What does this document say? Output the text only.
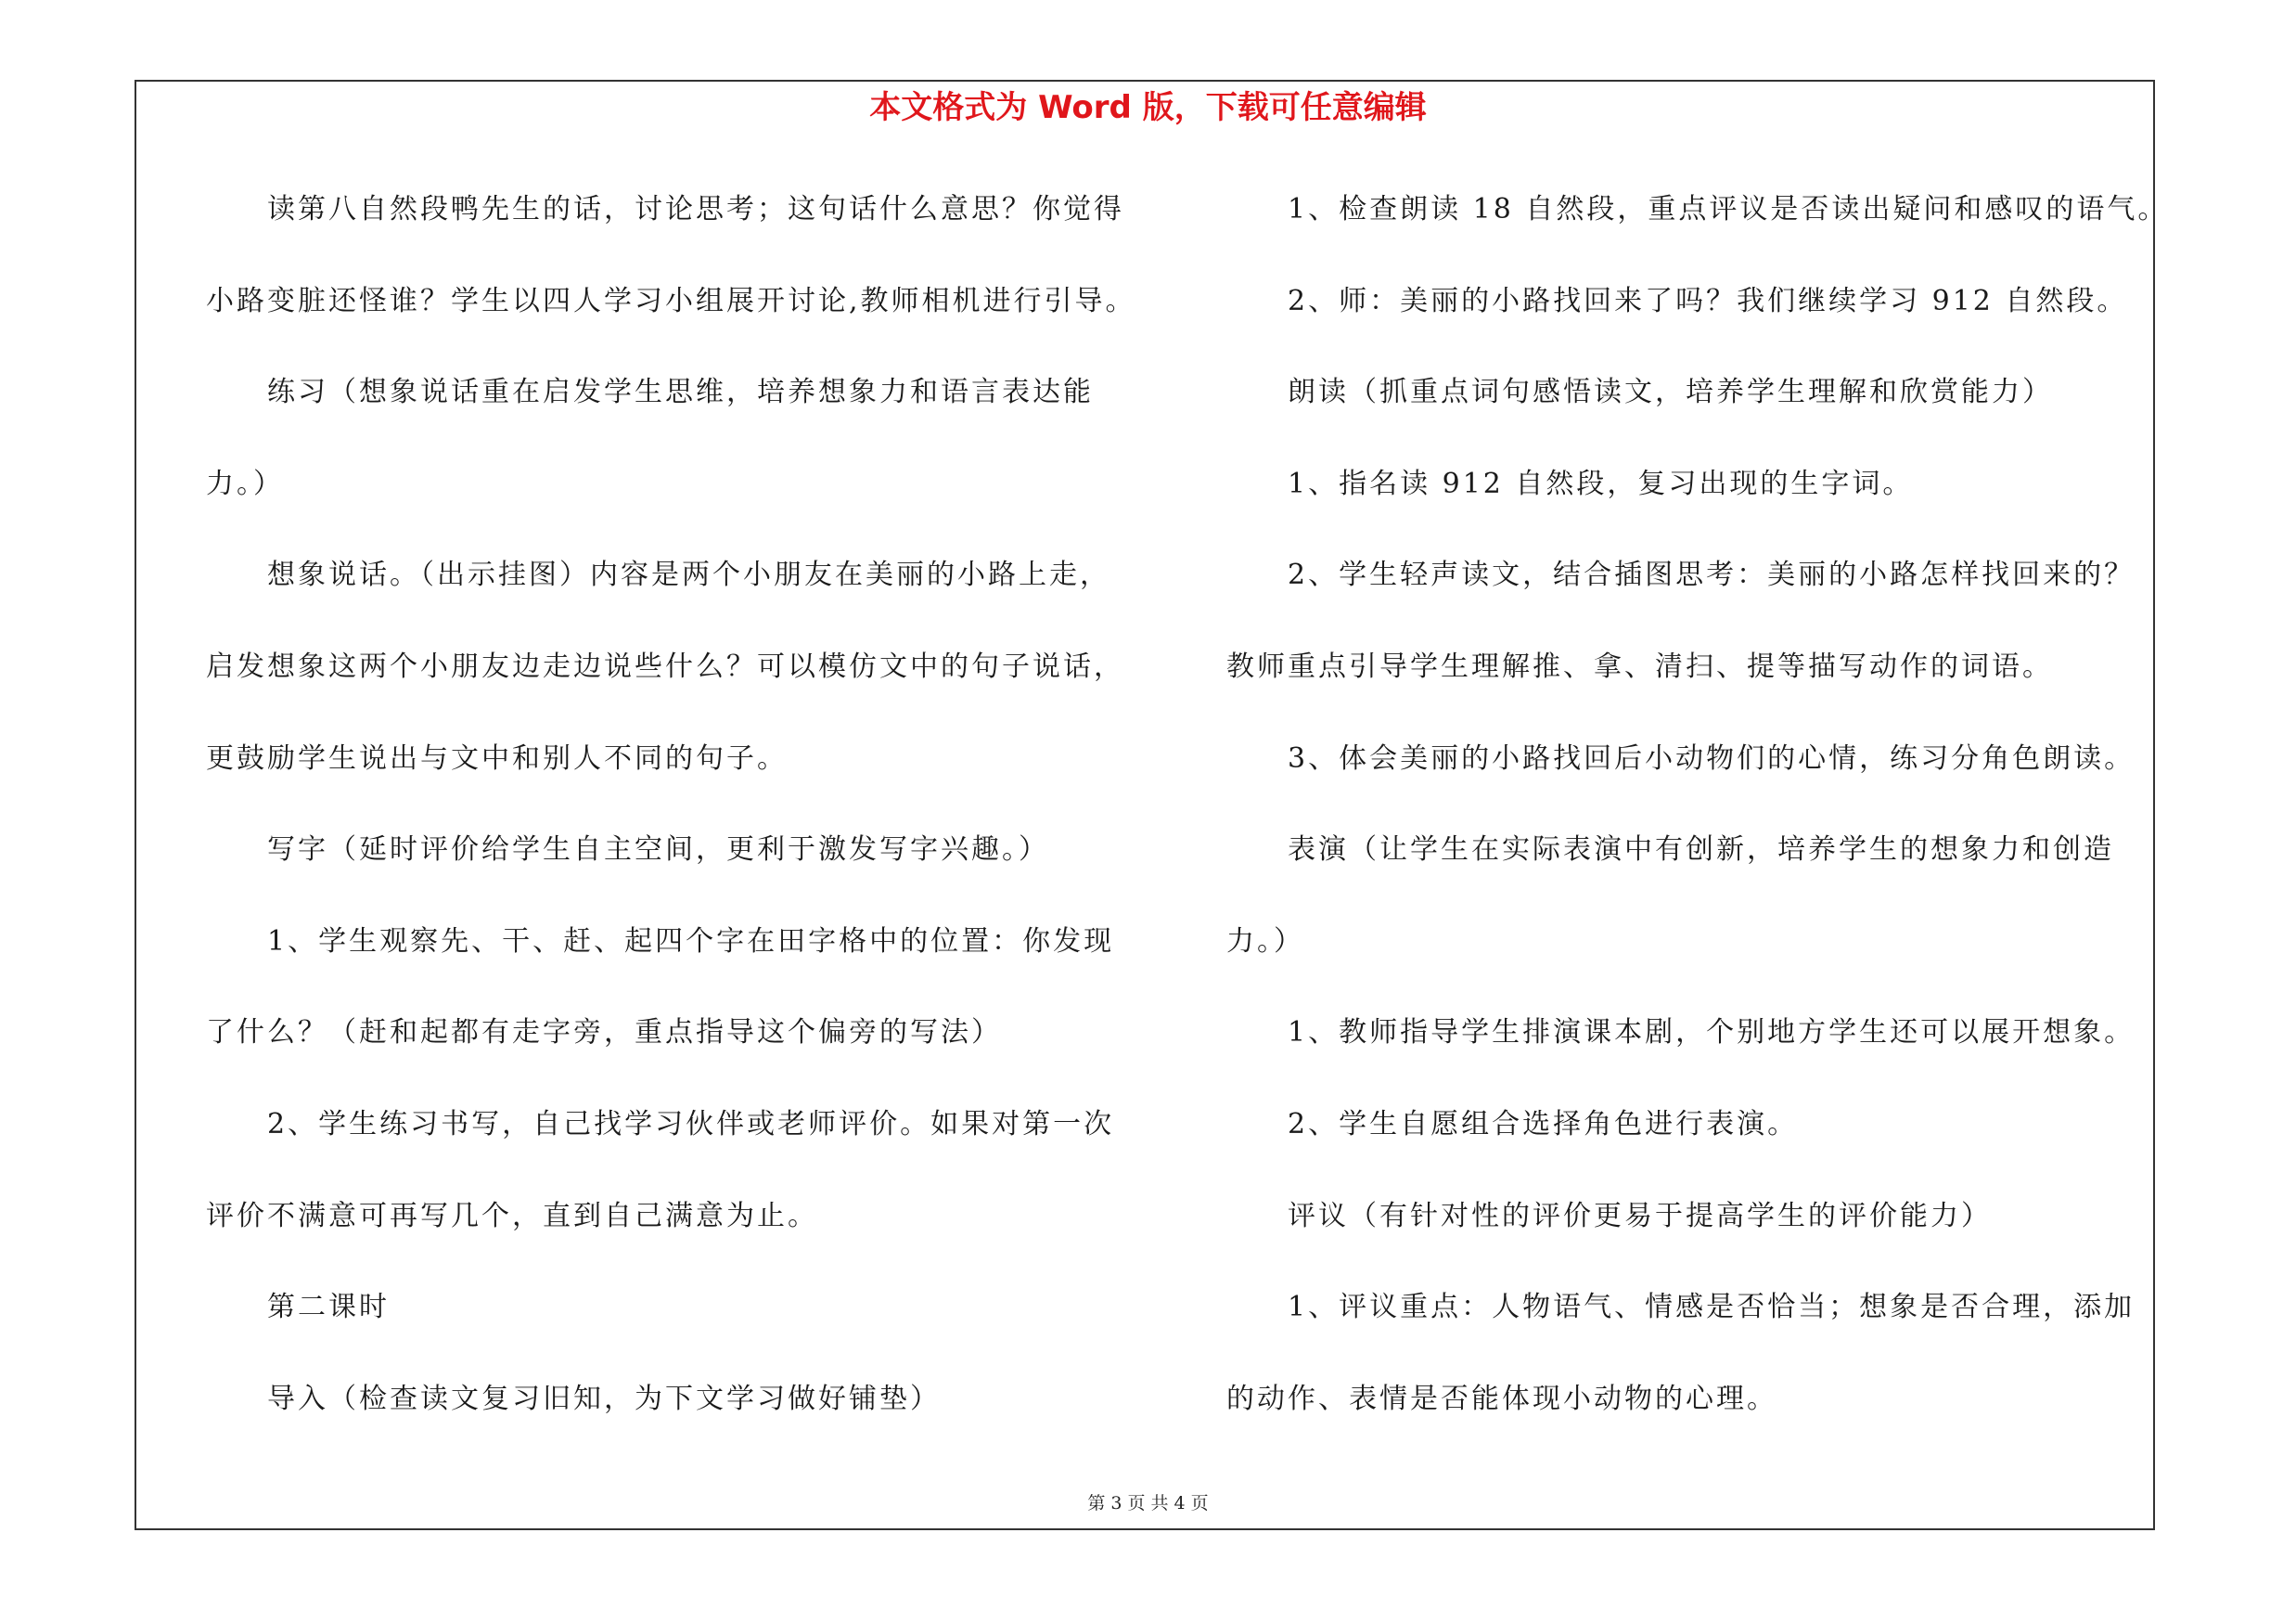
本文格式为 Word 版，下载可任意编辑
读第八自然段鸭先生的话，讨论思考；这句话什么意思？你觉得
小路变脏还怪谁？学生以四人学习小组展开讨论,教师相机进行引导。
练习（想象说话重在启发学生思维，培养想象力和语言表达能
力。）
想象说话。（出示挂图）内容是两个小朋友在美丽的小路上走，
启发想象这两个小朋友边走边说些什么？可以模仿文中的句子说话，
更鼓励学生说出与文中和别人不同的句子。
写字（延时评价给学生自主空间，更利于激发写字兴趣。）
1、学生观察先、干、赶、起四个字在田字格中的位置：你发现
了什么？（赶和起都有走字旁，重点指导这个偏旁的写法）
2、学生练习书写，自己找学习伙伴或老师评价。如果对第一次
评价不满意可再写几个，直到自己满意为止。
第二课时
导入（检查读文复习旧知，为下文学习做好铺垫）
1、检查朗读 18 自然段，重点评议是否读出疑问和感叹的语气。
2、师：美丽的小路找回来了吗？我们继续学习 912 自然段。
朗读（抓重点词句感悟读文，培养学生理解和欣赏能力）
1、指名读 912 自然段，复习出现的生字词。
2、学生轻声读文，结合插图思考：美丽的小路怎样找回来的？
教师重点引导学生理解推、拿、清扫、提等描写动作的词语。
3、体会美丽的小路找回后小动物们的心情，练习分角色朗读。
表演（让学生在实际表演中有创新，培养学生的想象力和创造
力。）
1、教师指导学生排演课本剧，个别地方学生还可以展开想象。
2、学生自愿组合选择角色进行表演。
评议（有针对性的评价更易于提高学生的评价能力）
1、评议重点：人物语气、情感是否恰当；想象是否合理，添加
的动作、表情是否能体现小动物的心理。
第 3 页 共 4 页
